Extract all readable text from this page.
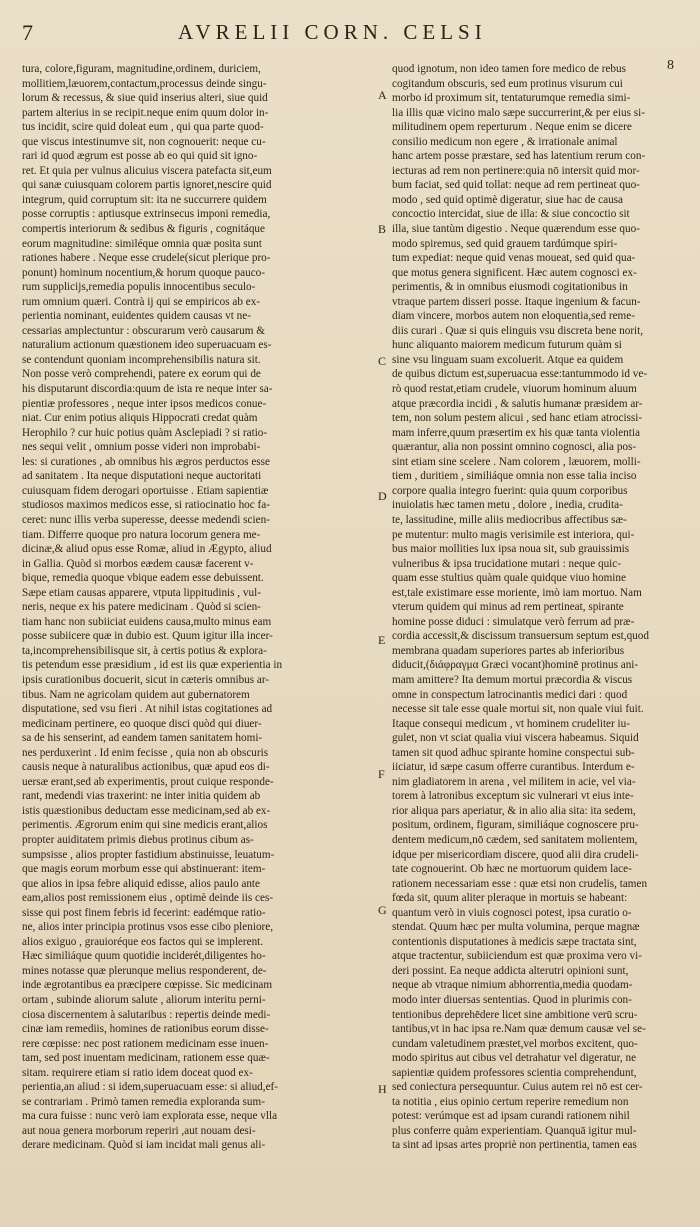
7	AVRELII CORN. CELSI
8
tura, colore,figuram, magnitudine,ordinem, duriciem,
mollitiem,læuorem,contactum,processus deinde singu-
lorum & recessus, & siue quid inserius alteri, siue quid
partem alterius in se recipit.neque enim quum dolor in-
tus incidit, scire quid doleat eum , qui qua parte quod-
que viscus intestinumve sit, non cognouerit: neque cu-
rari id quod ægrum est posse ab eo qui quid sit igno-
ret. Et quia per vulnus alicuius viscera patefacta sit,eum
qui sanæ cuiusquam colorem partis ignoret,nescire quid
integrum, quid corruptum sit: ita ne succurrere quidem
posse corruptis : aptiusque extrinsecus imponi remedia,
compertis interiorum & sedibus & figuris , cognitáque
eorum magnitudine: similéque omnia quæ posita sunt
rationes habere . Neque esse crudele(sicut plerique pro-
ponunt) hominum nocentium,& horum quoque pauco-
rum supplicijs,remedia populis innocentibus seculo-
rum omnium quæri. Contrà ij qui se empiricos ab ex-
perientia nominant, euidentes quidem causas vt ne-
cessarias amplectuntur : obscurarum verò causarum &
naturalium actionum quæstionem ideo superuacuam es-
se contendunt quoniam incomprehensibilis natura sit.
Non posse verò comprehendi, patere ex eorum qui de
his disputarunt discordia:quum de ista re neque inter sa-
pientiæ professores , neque inter ipsos medicos conue-
niat. Cur enim potius aliquis Hippocrati credat quàm
Herophilo ? cur huic potius quàm Asclepiadi ? si ratio-
nes sequi velit , omnium posse videri non improbabi-
les: si curationes , ab omnibus his ægros perductos esse
ad sanitatem . Ita neque disputationi neque auctoritati
cuiusquam fidem derogari oportuisse . Etiam sapientiæ
studiosos maximos medicos esse, si ratiocinatio hoc fa-
ceret: nunc illis verba superesse, deesse medendi scien-
tiam. Differre quoque pro natura locorum genera me-
dicinæ,& aliud opus esse Romæ, aliud in Ægypto, aliud
in Gallia. Quòd si morbos eædem causæ facerent v-
bique, remedia quoque vbique eadem esse debuissent.
Sæpe etiam causas apparere, vtputa lippitudinis , vul-
neris, neque ex his patere medicinam . Quòd si scien-
tiam hanc non subiiciat euidens causa,multo minus eam
posse subiicere quæ in dubio est. Quum igitur illa incer-
ta,incomprehensibilisque sit, à certis potius & explora-
tis petendum esse præsidium , id est iis quæ experientia in
ipsis curationibus docuerit, sicut in cæteris omnibus ar-
tibus. Nam ne agricolam quidem aut gubernatorem
disputatione, sed vsu fieri . At nihil istas cogitationes ad
medicinam pertinere, eo quoque disci quòd qui diuer-
sa de his senserint, ad eandem tamen sanitatem homi-
nes perduxerint . Id enim fecisse , quia non ab obscuris
causis neque à naturalibus actionibus, quæ apud eos di-
uersæ erant,sed ab experimentis, prout cuique responde-
rant, medendi vias traxerint: ne inter initia quidem ab
istis quæstionibus deductam esse medicinam,sed ab ex-
perimentis. Ægrorum enim qui sine medicis erant,alios
propter auiditatem primis diebus protinus cibum as-
sumpsisse , alios propter fastidium abstinuisse, leuatum-
que magis eorum morbum esse qui abstinuerant: item-
que alios in ipsa febre aliquid edisse, alios paulo ante
eam,alios post remissionem eius , optimè deinde iis ces-
sisse qui post finem febris id fecerint: eadémque ratio-
ne, alios inter principia protinus vsos esse cibo pleniore,
alios exiguo , grauioréque eos factos qui se implerent.
Hæc similiáque quum quotidie inciderét,diligentes ho-
mines notasse quæ plerunque melius responderent, de-
inde ægrotantibus ea præcipere cœpisse. Sic medicinam
ortam , subinde aliorum salute , aliorum interitu perni-
ciosa discernentem à salutaribus : repertis deinde medi-
cinæ iam remediis, homines de rationibus eorum disse-
rere cœpisse: nec post rationem medicinam esse inuen-
tam, sed post inuentam medicinam, rationem esse quæ-
sitam. requirere etiam si ratio idem doceat quod ex-
perientia,an aliud : si idem,superuacuam esse: si aliud,ef-
se contrariam . Primò tamen remedia exploranda sum-
ma cura fuisse : nunc verò iam explorata esse, neque vlla
aut noua genera morborum reperiri ,aut nouam desi-
derare medicinam. Quòd si iam incidat mali genus ali-
quod ignotum, non ideo tamen fore medico de rebus
cogitandum obscuris, sed eum protinus visurum cui
morbo id proximum sit, tentaturumque remedia simi-
lia illis quæ vicino malo sæpe succurrerint,& per eius si-
militudinem opem reperturum . Neque enim se dicere
consilio medicum non egere , & irrationale animal
hanc artem posse præstare, sed has latentium rerum con-
iecturas ad rem non pertinere:quia nō intersit quid mor-
bum faciat, sed quid tollat: neque ad rem pertineat quo-
modo , sed quid optimè digeratur, siue hac de causa
concoctio intercidat, siue de illa: & siue concoctio sit
illa, siue tantùm digestio . Neque quærendum esse quo-
modo spiremus, sed quid grauem tardúmque spiri-
tum expediat: neque quid venas moueat, sed quid qua-
que motus genera significent. Hæc autem cognosci ex-
perimentis, & in omnibus eiusmodi cogitationibus in
vtraque partem disseri posse. Itaque ingenium & facun-
diam vincere, morbos autem non eloquentia,sed reme-
diis curari . Quæ si quis elinguis vsu discreta bene norit,
hunc aliquanto maiorem medicum futurum quàm si
sine vsu linguam suam excoluerit. Atque ea quidem
de quibus dictum est,superuacua esse:tantummodo id ve-
rò quod restat,etiam crudele, viuorum hominum aluum
atque præcordia incidi , & salutis humanæ præsidem ar-
tem, non solum pestem alicui , sed hanc etiam atrocissi-
mam inferre,quum præsertim ex his quæ tanta violentia
quærantur, alia non possint omnino cognosci, alia pos-
sint etiam sine scelere . Nam colorem , læuorem, molli-
tiem , duritiem , similiáque omnia non esse talia inciso
corpore qualia integro fuerint: quia quum corporibus
inuiolatis hæc tamen metu , dolore , inedia, crudita-
te, lassitudine, mille aliis mediocribus affectibus sæ-
pe mutentur: multo magis verisimile est interiora, qui-
bus maior mollities lux ipsa noua sit, sub grauissimis
vulneribus & ipsa trucidatione mutari : neque quic-
quam esse stultius quàm quale quidque viuo homine
est,tale existimare esse moriente, imò iam mortuo. Nam
vterum quidem qui minus ad rem pertineat, spirante
homine posse diduci : simulatque verò ferrum ad præ-
cordia accessit,& discissum transuersum septum est,quod
membrana quadam superiores partes ab inferioribus
diducit,(διάφραγμα Græci vocant)hominē protinus ani-
mam amittere? Ita demum mortui præcordia & viscus
omne in conspectum latrocinantis medici dari : quod
necesse sit tale esse quale mortui sit, non quale viui fuit.
Itaque consequi medicum , vt hominem crudeliter iu-
gulet, non vt sciat qualia viui viscera habeamus. Siquid
tamen sit quod adhuc spirante homine conspectui sub-
iiciatur, id sæpe casum offerre curantibus. Interdum e-
nim gladiatorem in arena , vel militem in acie, vel via-
torem à latronibus exceptum sic vulnerari vt eius inte-
rior aliqua pars aperiatur, & in alio alia sita: ita sedem,
positum, ordinem, figuram, similiáque cognoscere pru-
dentem medicum,nō cædem, sed sanitatem molientem,
idque per misericordiam discere, quod alii dira crudeli-
tate cognouerint. Ob hæc ne mortuorum quidem lace-
rationem necessariam esse : quæ etsi non crudelis, tamen
fœda sit, quum aliter pleraque in mortuis se habeant:
quantum verò in viuis cognosci potest, ipsa curatio o-
stendat. Quum hæc per multa volumina, perque magnæ
contentionis disputationes à medicis sæpe tractata sint,
atque tractentur, subiiciendum est quæ proxima vero vi-
deri possint. Ea neque addicta alterutri opinioni sunt,
neque ab vtraque nimium abhorrentia,media quodam-
modo inter diuersas sententias. Quod in plurimis con-
tentionibus deprehēdere licet sine ambitione verū scru-
tantibus,vt in hac ipsa re.Nam quæ demum causæ vel se-
cundam valetudinem præstet,vel morbos excitent, quo-
modo spiritus aut cibus vel detrahatur vel digeratur, ne
sapientiæ quidem professores scientia comprehendunt,
sed coniectura persequuntur. Cuius autem rei nō est cer-
ta notitia , eius opinio certum reperire remedium non
potest: verúmque est ad ipsam curandi rationem nihil
plus conferre quàm experientiam. Quanquā igitur mul-
ta sint ad ipsas artes propriè non pertinentia, tamen eas
A
B
C
D
E
F
G
H
